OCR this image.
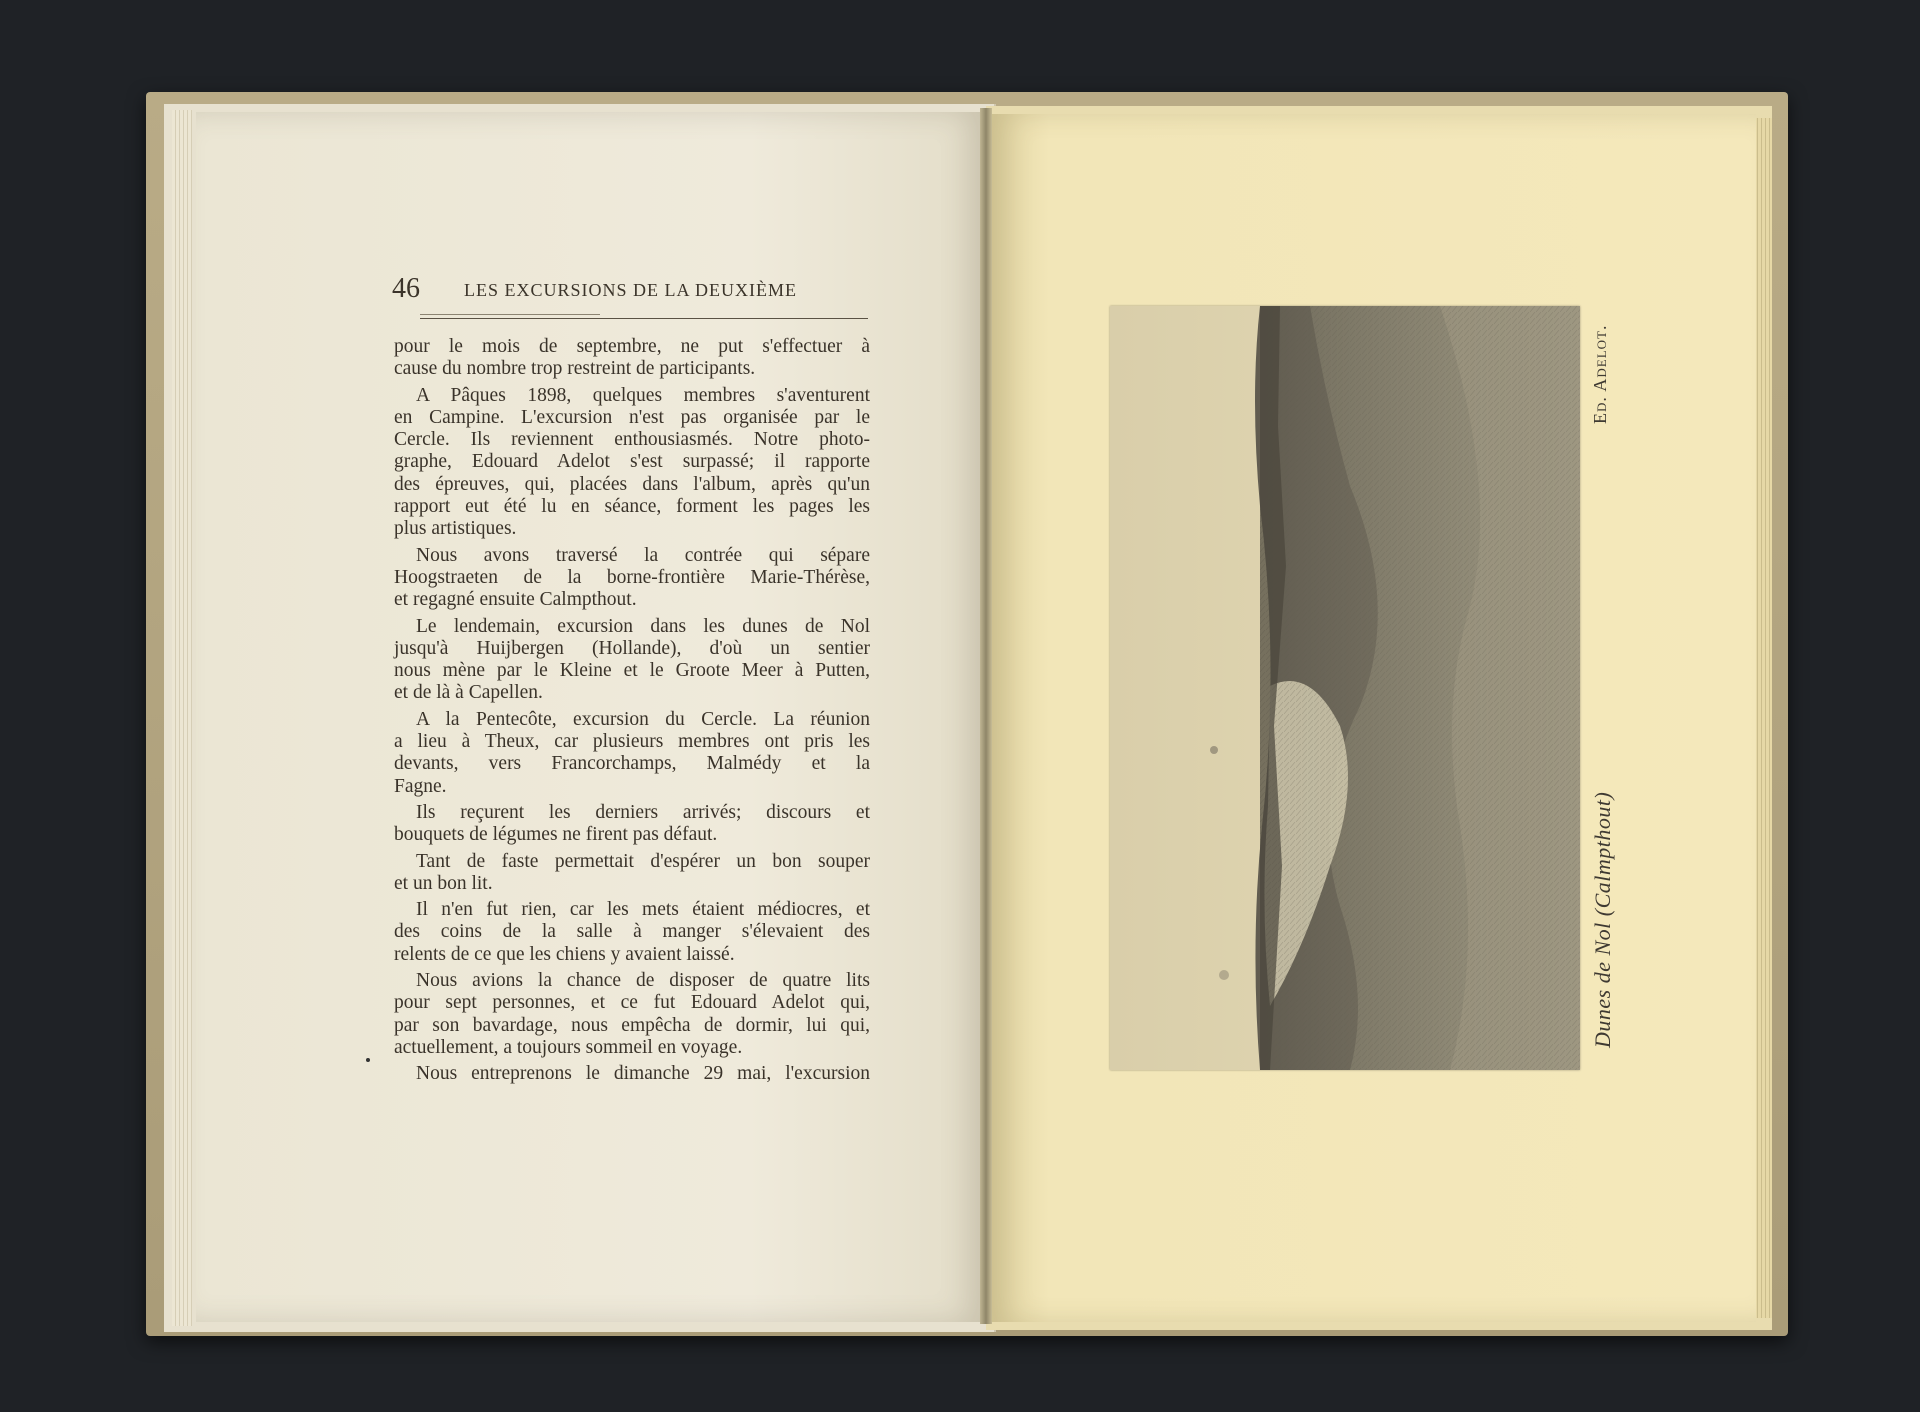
46 LES EXCURSIONS DE LA DEUXIÈME

pour le mois de septembre, ne put s'effectuer à

cause du nombre trop restreint de participants.

A Pâques 1898, quelques membres s'aventurent

en Campine. L'excursion n'est pas organisée par le

Cercle. Ils reviennent enthousiasmés. Notre photo-

graphe, Edouard Adelot s'est surpassé; il rapporte

des épreuves, qui, placées dans l'album, après qu'un

rapport eut été lu en séance, forment les pages les

plus artistiques.

Nous avons traversé la contrée qui sépare

Hoogstraeten de la borne-frontière Marie-Thérèse,

et regagné ensuite Calmpthout.

Le lendemain, excursion dans les dunes de Nol

jusqu'à Huijbergen (Hollande), d'où un sentier

nous mène par le Kleine et le Groote Meer à Putten,

et de là à Capellen.

A la Pentecôte, excursion du Cercle. La réunion

a lieu à Theux, car plusieurs membres ont pris les

devants, vers Francorchamps, Malmédy et la

Fagne.

Ils reçurent les derniers arrivés; discours et

bouquets de légumes ne firent pas défaut.

Tant de faste permettait d'espérer un bon souper

et un bon lit.

Il n'en fut rien, car les mets étaient médiocres, et

des coins de la salle à manger s'élevaient des

relents de ce que les chiens y avaient laissé.

Nous avions la chance de disposer de quatre lits

pour sept personnes, et ce fut Edouard Adelot qui,

par son bavardage, nous empêcha de dormir, lui qui,

actuellement, a toujours sommeil en voyage.

Nous entreprenons le dimanche 29 mai, l'excursion

Dunes de Nol (Calmpthout)
Ed. Adelot.
